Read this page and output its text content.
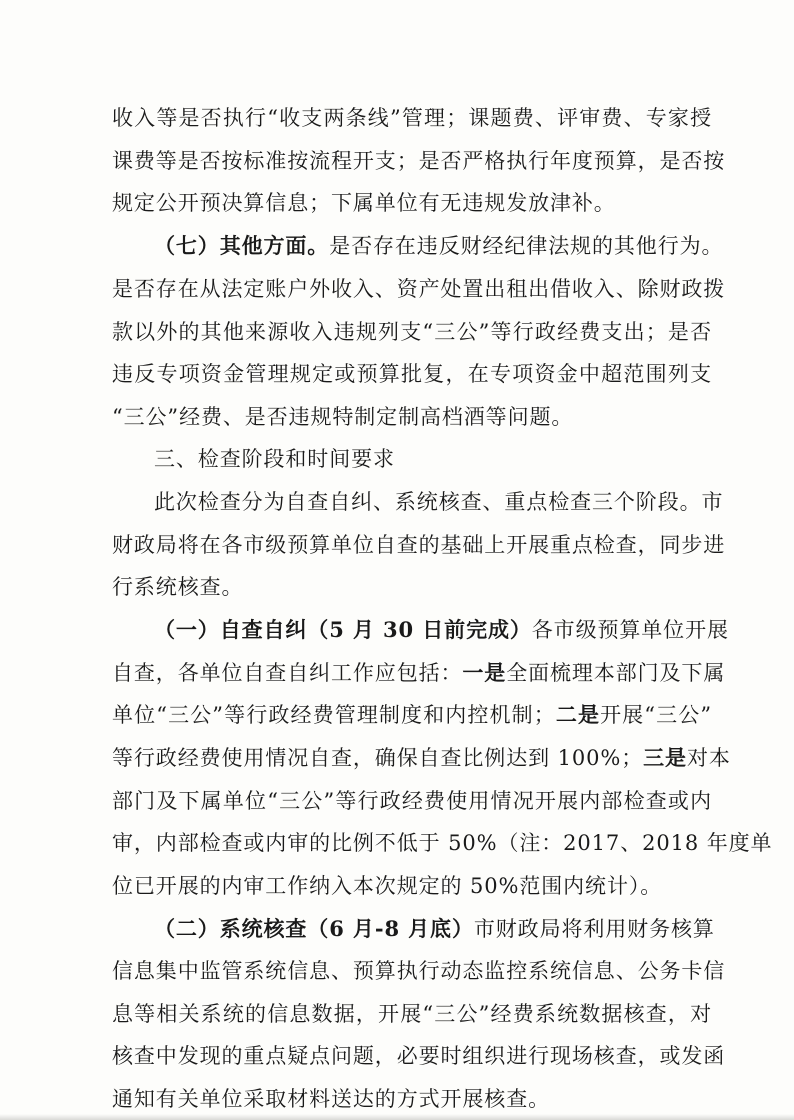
收入等是否执行“收支两条线”管理；课题费、评审费、专家授
课费等是否按标准按流程开支；是否严格执行年度预算，是否按
规定公开预决算信息；下属单位有无违规发放津补。
（七）其他方面。是否存在违反财经纪律法规的其他行为。
是否存在从法定账户外收入、资产处置出租出借收入、除财政拨
款以外的其他来源收入违规列支“三公”等行政经费支出；是否
违反专项资金管理规定或预算批复，在专项资金中超范围列支
“三公”经费、是否违规特制定制高档酒等问题。
三、检查阶段和时间要求
此次检查分为自查自纠、系统核查、重点检查三个阶段。市
财政局将在各市级预算单位自查的基础上开展重点检查，同步进
行系统核查。
（一）自查自纠（5 月 30 日前完成）各市级预算单位开展
自查，各单位自查自纠工作应包括：一是全面梳理本部门及下属
单位“三公”等行政经费管理制度和内控机制；二是开展“三公”
等行政经费使用情况自查，确保自查比例达到 100%；三是对本
部门及下属单位“三公”等行政经费使用情况开展内部检查或内
审，内部检查或内审的比例不低于 50%（注：2017、2018 年度单
位已开展的内审工作纳入本次规定的 50%范围内统计）。
（二）系统核查（6 月-8 月底）市财政局将利用财务核算
信息集中监管系统信息、预算执行动态监控系统信息、公务卡信
息等相关系统的信息数据，开展“三公”经费系统数据核查，对
核查中发现的重点疑点问题，必要时组织进行现场核查，或发函
通知有关单位采取材料送达的方式开展核查。
